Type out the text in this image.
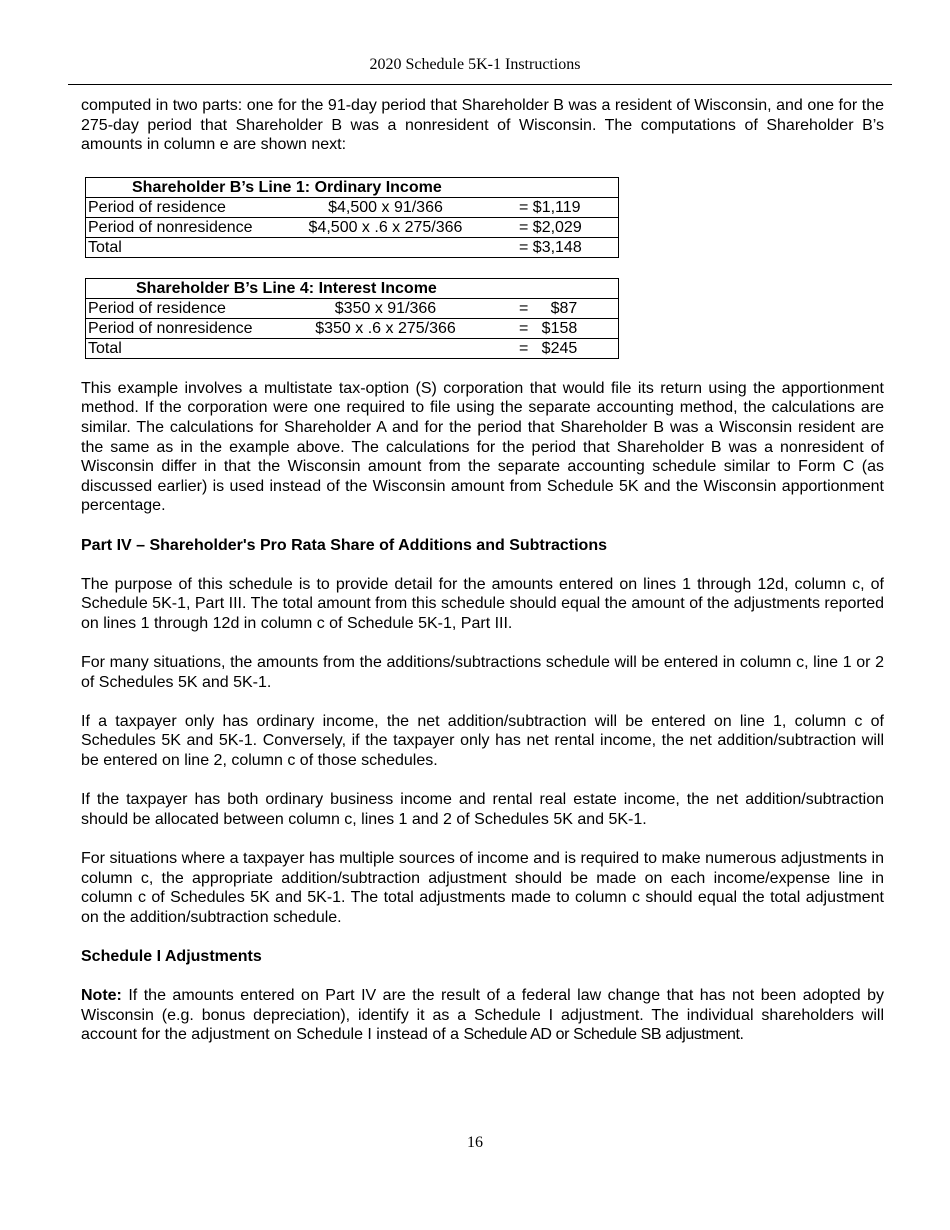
2020 Schedule 5K-1 Instructions

computed in two parts: one for the 91-day period that Shareholder B was a resident of Wisconsin, and one for the 275-day period that Shareholder B was a nonresident of Wisconsin. The computations of Shareholder B’s amounts in column e are shown next:

Shareholder B’s Line 1: Ordinary Income		
Period of residence	$4,500 x 91/366	= $1,119
Period of nonresidence	$4,500 x .6 x 275/366	= $2,029
Total		= $3,148
Shareholder B’s Line 4: Interest Income		
Period of residence	$350 x 91/366	=     $87
Period of nonresidence	$350 x .6 x 275/366	=   $158
Total		=   $245

This example involves a multistate tax-option (S) corporation that would file its return using the apportionment method. If the corporation were one required to file using the separate accounting method, the calculations are similar. The calculations for Shareholder A and for the period that Shareholder B was a Wisconsin resident are the same as in the example above. The calculations for the period that Shareholder B was a nonresident of Wisconsin differ in that the Wisconsin amount from the separate accounting schedule similar to Form C (as discussed earlier) is used instead of the Wisconsin amount from Schedule 5K and the Wisconsin apportionment percentage.

Part IV – Shareholder's Pro Rata Share of Additions and Subtractions

The purpose of this schedule is to provide detail for the amounts entered on lines 1 through 12d, column c, of Schedule 5K-1, Part III. The total amount from this schedule should equal the amount of the adjustments reported on lines 1 through 12d in column c of Schedule 5K-1, Part III.

For many situations, the amounts from the additions/subtractions schedule will be entered in column c, line 1 or 2 of Schedules 5K and 5K-1.

If a taxpayer only has ordinary income, the net addition/subtraction will be entered on line 1, column c of Schedules 5K and 5K-1. Conversely, if the taxpayer only has net rental income, the net addition/subtraction will be entered on line 2, column c of those schedules.

If the taxpayer has both ordinary business income and rental real estate income, the net addition/subtraction should be allocated between column c, lines 1 and 2 of Schedules 5K and 5K-1.

For situations where a taxpayer has multiple sources of income and is required to make numerous adjustments in column c, the appropriate addition/subtraction adjustment should be made on each income/expense line in column c of Schedules 5K and 5K-1. The total adjustments made to column c should equal the total adjustment on the addition/subtraction schedule.

Schedule I Adjustments

Note: If the amounts entered on Part IV are the result of a federal law change that has not been adopted by Wisconsin (e.g. bonus depreciation), identify it as a Schedule I adjustment. The individual shareholders will account for the adjustment on Schedule I instead of a Schedule AD or Schedule SB adjustment.

16
